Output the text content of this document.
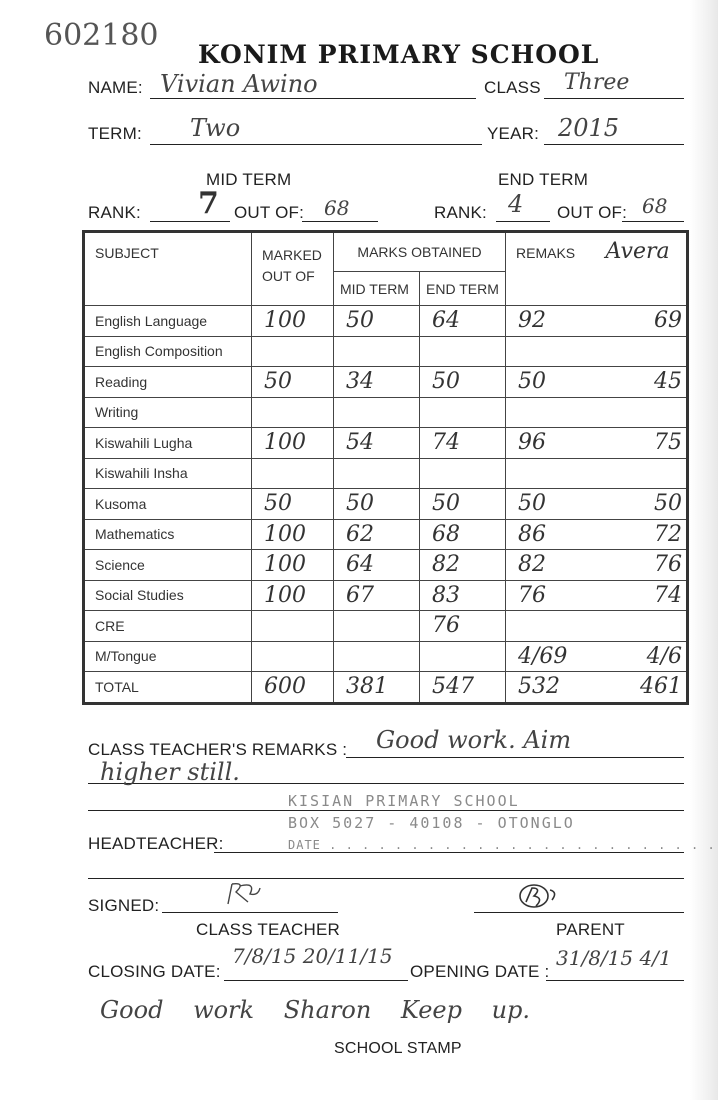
602180
KONIM PRIMARY SCHOOL
NAME: Vivian Awino	CLASS Three
TERM: Two	YEAR: 2015
MID TERM	END TERM
RANK: 7 OUT OF: 68	RANK: 4 OUT OF: 68
SUBJECT	MARKED OUT OF	MARKS OBTAINED		REMAKS	Avera
		MID TERM	END TERM		
English Language	100	50	64	92	69
English Composition					
Reading	50	34	50	50	45
Writing					
Kiswahili Lugha	100	54	74	96	75
Kiswahili Insha					
Kusoma	50	50	50	50	50
Mathematics	100	62	68	86	72
Science	100	64	82	82	76
Social Studies	100	67	83	76	74
CRE			76		
M/Tongue				4/69	4/6
TOTAL	600	381	547	532	461
CLASS TEACHER'S REMARKS : Good work. Aim
higher still.
KISIAN PRIMARY SCHOOL
BOX 5027 - 40108 - OTONGLO
DATE . . . . . . . . . . . . . . . . . . . . . . . .
HEADTEACHER:
SIGNED:
CLASS TEACHER	PARENT
CLOSING DATE:
7/8/15 20/11/15
OPENING DATE :
31/8/15 4/1
Good work Sharon Keep up.
SCHOOL STAMP
